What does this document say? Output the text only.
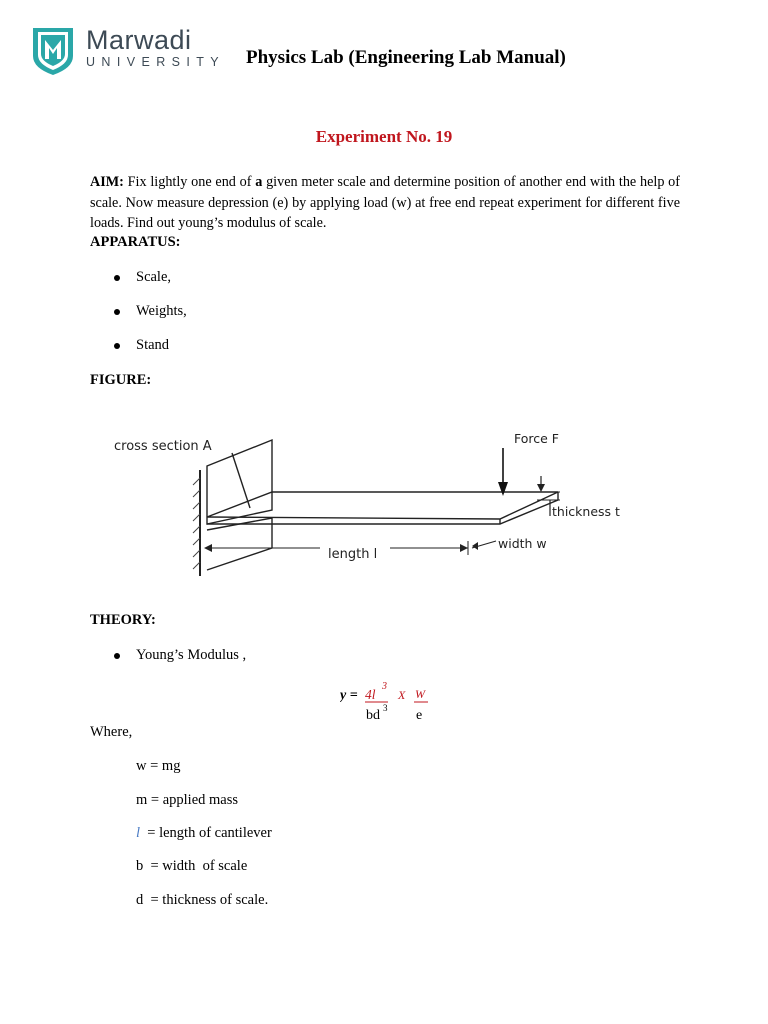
Marwadi
UNIVERSITY Physics Lab (Engineering Lab Manual)
Experiment No. 19
AIM: Fix lightly one end of a given meter scale and determine position of another end with the help of scale. Now measure depression (e) by applying load (w) at free end repeat experiment for different five loads. Find out young’s modulus of scale.
APPARATUS:
Scale,
Weights,
Stand
FIGURE:
cross section A
Force F
thickness t
width w
length l
THEORY:
Young’s Modulus ,
y = 4l
3
bd 3
X W
e
Where,
w = mg
m = applied mass
l  = length of cantilever
b  = width  of scale
d  = thickness of scale.
